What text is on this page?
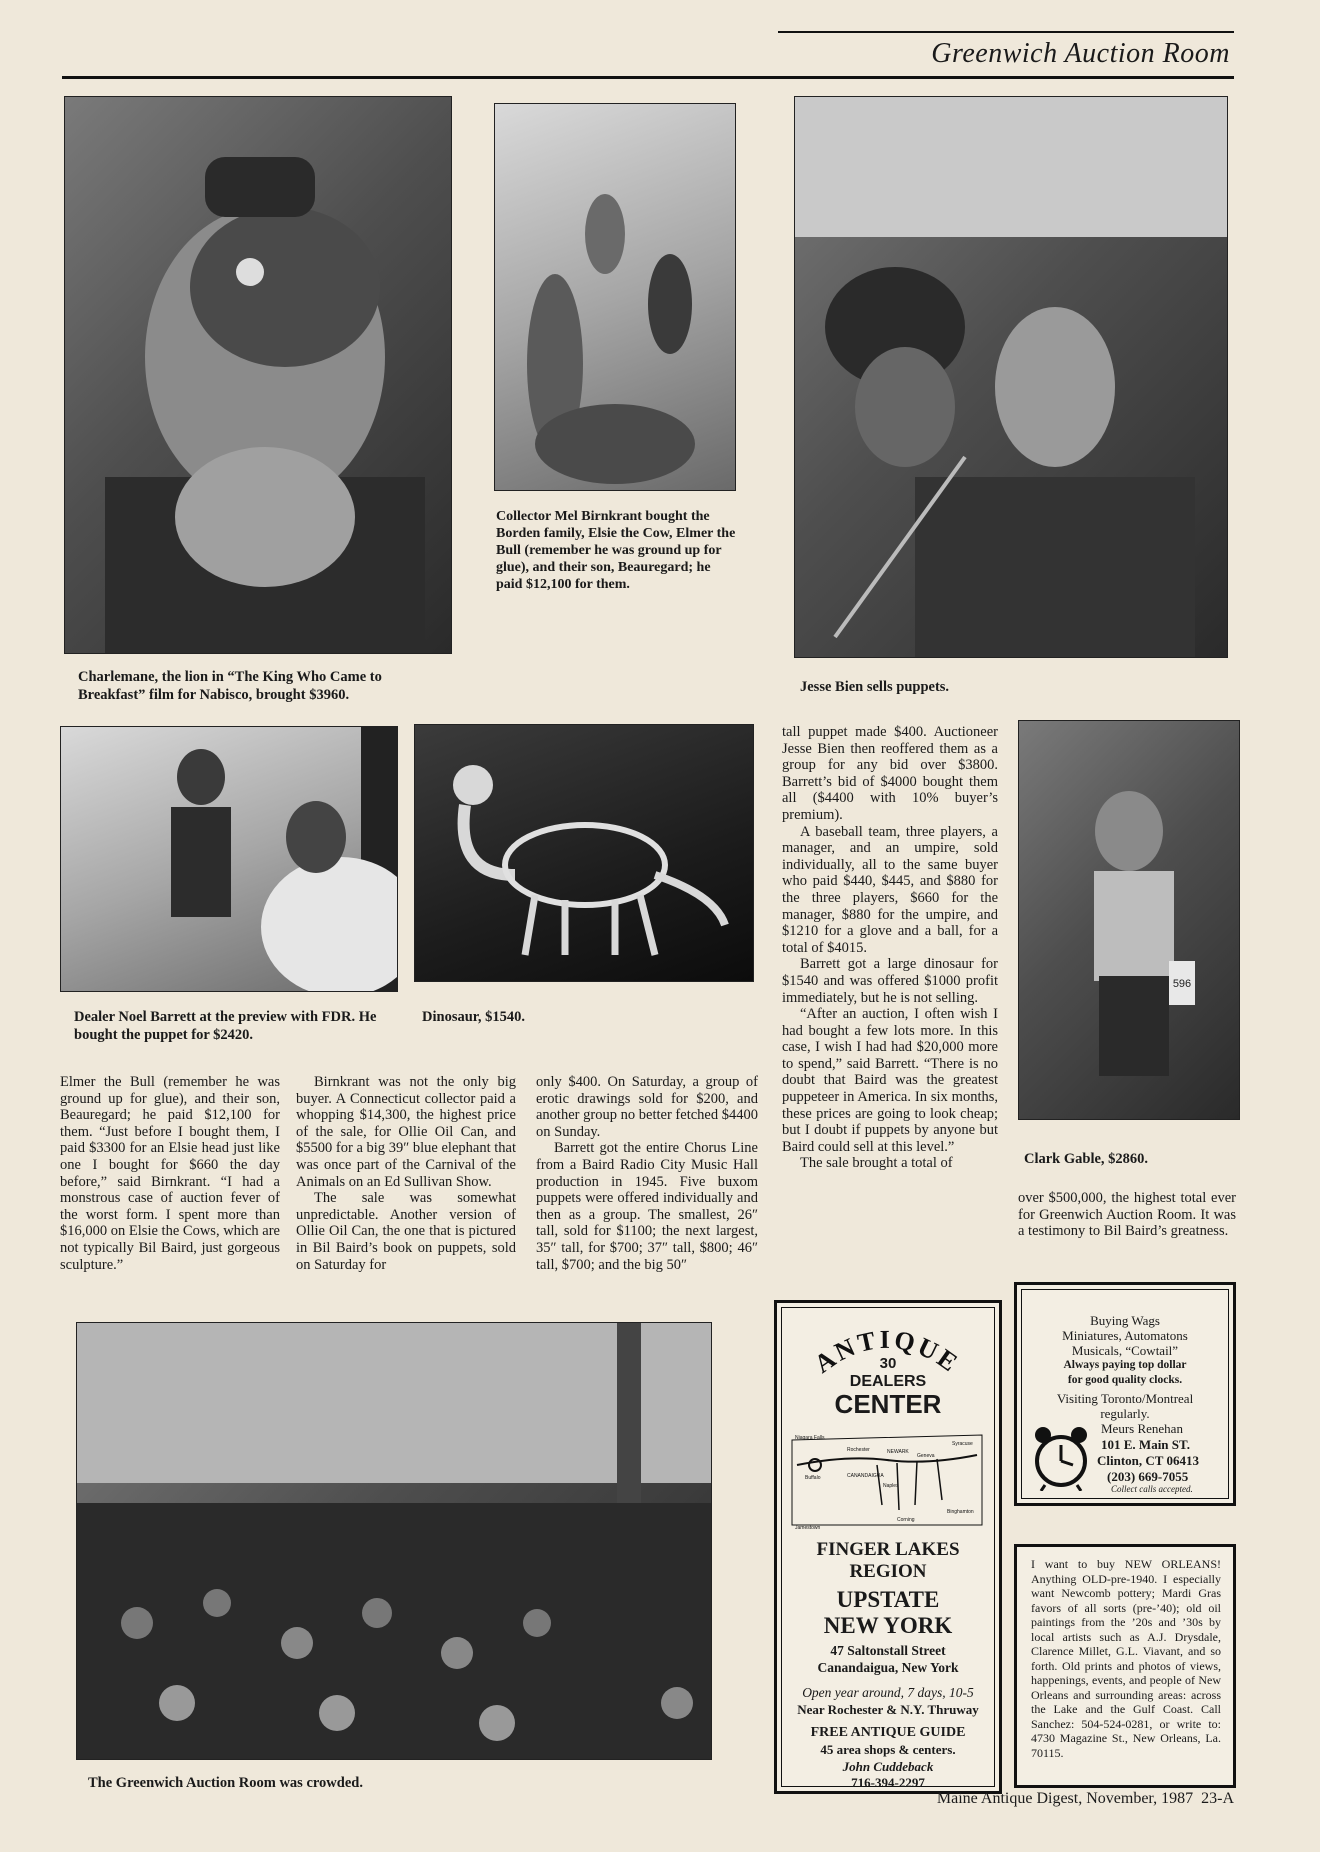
Greenwich Auction Room
Charlemane, the lion in “The King Who Came to Breakfast” film for Nabisco, brought $3960.
Collector Mel Birnkrant bought the Borden family, Elsie the Cow, Elmer the Bull (remember he was ground up for glue), and their son, Beauregard; he paid $12,100 for them.
Jesse Bien sells puppets.
Dealer Noel Barrett at the preview with FDR. He bought the puppet for $2420.
Dinosaur, $1540.
596
Clark Gable, $2860.

tall puppet made $400. Auctioneer Jesse Bien then reoffered them as a group for any bid over $3800. Barrett’s bid of $4000 bought them all ($4400 with 10% buyer’s premium).

A baseball team, three players, a manager, and an umpire, sold individually, all to the same buyer who paid $440, $445, and $880 for the three players, $660 for the manager, $880 for the umpire, and $1210 for a glove and a ball, for a total of $4015.

Barrett got a large dinosaur for $1540 and was offered $1000 profit immediately, but he is not selling.

“After an auction, I often wish I had bought a few lots more. In this case, I wish I had had $20,000 more to spend,” said Barrett. “There is no doubt that Baird was the greatest puppeteer in America. In six months, these prices are going to look cheap; but I doubt if puppets by anyone but Baird could sell at this level.”

The sale brought a total of

over $500,000, the highest total ever for Greenwich Auction Room. It was a testimony to Bil Baird’s greatness.

Elmer the Bull (remember he was ground up for glue), and their son, Beauregard; he paid $12,100 for them. “Just before I bought them, I paid $3300 for an Elsie head just like one I bought for $660 the day before,” said Birnkrant. “I had a monstrous case of auction fever of the worst form. I spent more than $16,000 on Elsie the Cows, which are not typically Bil Baird, just gorgeous sculpture.”

Birnkrant was not the only big buyer. A Connecticut collector paid a whopping $14,300, the highest price of the sale, for Ollie Oil Can, and $5500 for a big 39″ blue elephant that was once part of the Carnival of the Animals on an Ed Sullivan Show.

The sale was somewhat unpredictable. Another version of Ollie Oil Can, the one that is pictured in Bil Baird’s book on puppets, sold on Saturday for

only $400. On Saturday, a group of erotic drawings sold for $200, and another group no better fetched $4400 on Sunday.

Barrett got the entire Chorus Line from a Baird Radio City Music Hall production in 1945. Five buxom puppets were offered individually and then as a group. The smallest, 26″ tall, sold for $1100; the next largest, 35″ tall, for $700; 37″ tall, $800; 46″ tall, $700; and the big 50″

The Greenwich Auction Room was crowded.
ANTIQUE
30
DEALERS
CENTER
Niagara Falls
Rochester
Syracuse
NEWARK
Geneva
Buffalo	CANANDAIGUA
Naples
Corning
Binghamton
Jamestown
FINGER LAKES
REGION
UPSTATE
NEW YORK
47 Saltonstall Street
Canandaigua, New York
Open year around, 7 days, 10-5
Near Rochester & N.Y. Thruway
FREE ANTIQUE GUIDE
45 area shops & centers.
John Cuddeback
716-394-2297
Buying Wags
Miniatures, Automatons
Musicals, “Cowtail”
Always paying top dollar
for good quality clocks.
Visiting Toronto/Montreal
regularly.
Meurs Renehan
101 E. Main ST.
Clinton, CT 06413
(203) 669-7055
Collect calls accepted.
I want to buy NEW ORLEANS! Anything OLD-pre-1940. I especially want Newcomb pottery; Mardi Gras favors of all sorts (pre-’40); old oil paintings from the ’20s and ’30s by local artists such as A.J. Drysdale, Clarence Millet, G.L. Viavant, and so forth. Old prints and photos of views, happenings, events, and people of New Orleans and surrounding areas: across the Lake and the Gulf Coast. Call Sanchez: 504-524-0281, or write to: 4730 Magazine St., New Orleans, La. 70115.
Maine Antique Digest, November, 1987  23-A
